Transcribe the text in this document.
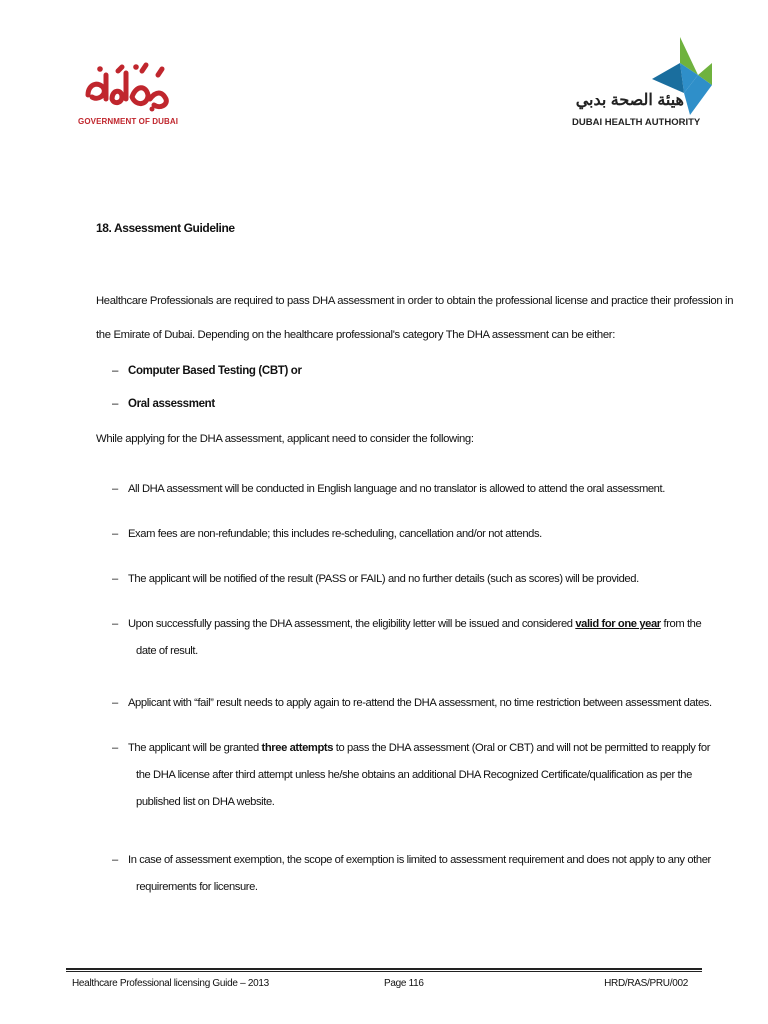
GOVERNMENT OF DUBAI
هيئة الصحة بدبي
DUBAI HEALTH AUTHORITY
18. Assessment Guideline
Healthcare Professionals are required to pass DHA assessment in order to obtain the professional license and practice their profession in
the Emirate of Dubai. Depending on the healthcare professional's category The DHA assessment can be either:
– Computer Based Testing (CBT) or
– Oral assessment
While applying for the DHA assessment, applicant need to consider the following:
– All DHA assessment will be conducted in English language and no translator is allowed to attend the oral assessment.
– Exam fees are non-refundable; this includes re-scheduling, cancellation and/or not attends.
– The applicant will be notified of the result (PASS or FAIL) and no further details (such as scores) will be provided.
– Upon successfully passing the DHA assessment, the eligibility letter will be issued and considered valid for one year from the
date of result.
– Applicant with “fail” result needs to apply again to re-attend the DHA assessment, no time restriction between assessment dates.
– The applicant will be granted three attempts to pass the DHA assessment (Oral or CBT) and will not be permitted to reapply for
the DHA license after third attempt unless he/she obtains an additional DHA Recognized Certificate/qualification as per the
published list on DHA website.
– In case of assessment exemption, the scope of exemption is limited to assessment requirement and does not apply to any other
requirements for licensure.
Healthcare Professional licensing Guide – 2013	Page 116	HRD/RAS/PRU/002
